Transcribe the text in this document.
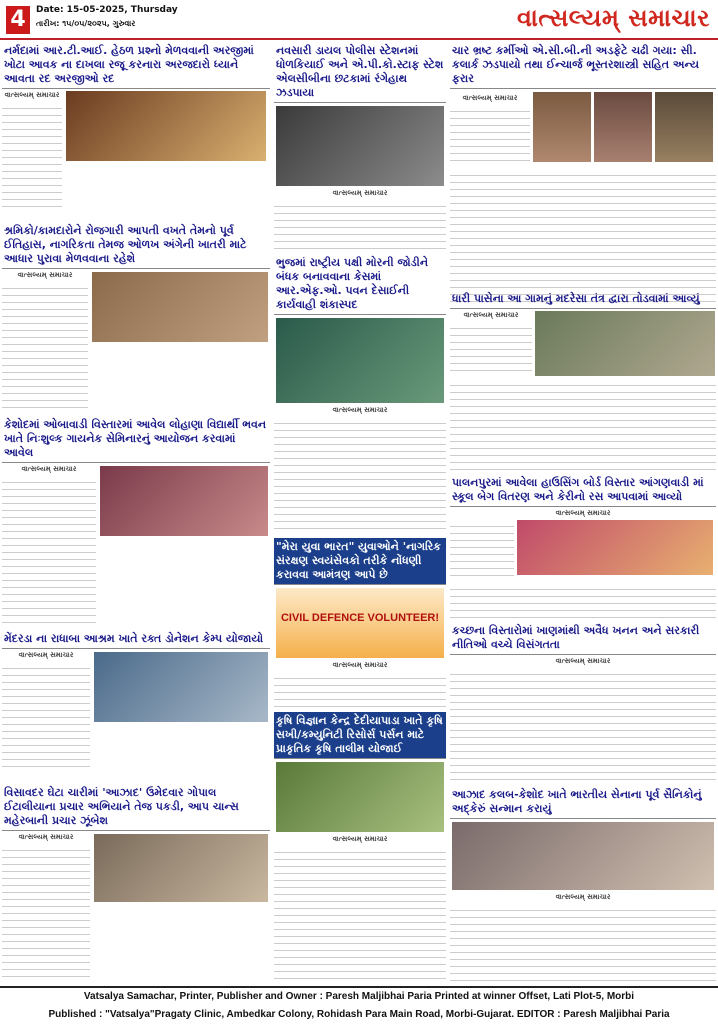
4	Date: 15-05-2025, Thursday
તારીખ: ૧૫/૦૫/૨૦૨૫, ગુરુવાર	વાત્સલ્યમ્ સમાચાર
નર્મદામાં આર.ટી.આઈ. હેઠળ પ્રશ્નો મેળવવાની અરજીમાં ખોટા આવક ના દાખલા રજૂ કરનારા અરજદારો ધ્યાને આવતા રદ અરજીઓ રદ
વાત્સલ્યમ્ સમાચાર
નવસારી ડાયલ પોલીસ સ્ટેશનમાં ધોળકિયાઈ અને એ.પી.કો.સ્ટાફ સ્ટેશ એલસીબીના છટકામાં રંગેહાથ ઝડપાયા
વાત્સલ્યમ્ સમાચાર
ચાર ભ્રષ્ટ કર્મીઓ એ.સી.બી.ની અડફેટે ચઢી ગયા: સી. કલાર્ક ઝડપાયો તથા ઈન્ચાર્જ ભૂસ્તરશાસ્ત્રી સહિત અન્ય ફરાર
વાત્સલ્યમ્ સમાચાર
શ્રમિકો/કામદારોને રોજગારી આપતી વખતે તેમનો પૂર્વ ઈતિહાસ, નાગરિકતા તેમજ ઓળખ અંગેની ખાતરી માટે આધાર પુરાવા મેળવવાના રહેશે
વાત્સલ્યમ્ સમાચાર
ભુજમાં રાષ્ટ્રીય પક્ષી મોરની જોડીને બંધક બનાવવાના કેસમાં આર.એફ.ઓ. પવન દેસાઈની કાર્યવાહી શંકાસ્પદ
વાત્સલ્યમ્ સમાચાર
ધારી પાસેના આ ગામનું મદરેસા તંત્ર દ્વારા તોડવામાં આવ્યું
વાત્સલ્યમ્ સમાચાર
કેશોદમાં ઓબાવાડી વિસ્તારમાં આવેલ લોહાણા વિદ્યાર્થી ભવન ખાતે નિઃશુલ્ક ગાયનેક સેમિનારનું આયોજન કરવામાં આવેલ
વાત્સલ્યમ્ સમાચાર
પાલનપુરમાં આવેલા હાઉસિંગ બોર્ડ વિસ્તાર આંગણવાડી માં સ્કૂલ બેગ વિતરણ અને કેરીનો રસ આપવામાં આવ્યો
વાત્સલ્યમ્ સમાચાર
"મેરા યુવા ભારત" યુવાઓને 'નાગરિક સંરક્ષણ સ્વયંસેવકો તરીકે નોંધણી કરાવવા આમંત્રણ આપે છે
CIVIL DEFENCE VOLUNTEER!
વાત્સલ્યમ્ સમાચાર
કચ્છના વિસ્તારોમાં ખાણમાંથી અવૈધ ખનન અને સરકારી નીતિઓ વચ્ચે વિસંગતતા
વાત્સલ્યમ્ સમાચાર
મેંદરડા ના રાધાબા આશ્રમ ખાતે રક્ત ડોનેશન કેમ્પ યોજાયો
વાત્સલ્યમ્ સમાચાર
કૃષિ વિજ્ઞાન કેન્દ્ર દેદીયાપાડા ખાતે કૃષિ સખી/કમ્યુનિટી રિસોર્સ પર્સન માટે પ્રાકૃતિક કૃષિ તાલીમ યોજાઈ
વાત્સલ્યમ્ સમાચાર
વિસાવદર ઘેટા ચારીમાં 'આઝાદ' ઉમેદવાર ગોપાલ ઈટાલીયાના પ્રચાર અભિયાને તેજ પકડી, આપ ચાન્સ મહેરબાની પ્રચાર ઝૂંબેશ
વાત્સલ્યમ્ સમાચાર
આઝાદ કલબ-કેશોદ ખાતે ભારતીય સેનાના પૂર્વ સૈનિકોનું અદ્કેરું સન્માન કરાયું
વાત્સલ્યમ્ સમાચાર
Vatsalya Samachar, Printer, Publisher and Owner : Paresh Maljibhai Paria Printed at winner Offset, Lati Plot-5, Morbi
Published : "Vatsalya"Pragaty Clinic, Ambedkar Colony, Rohidash Para Main Road, Morbi-Gujarat. EDITOR : Paresh Maljibhai Paria
